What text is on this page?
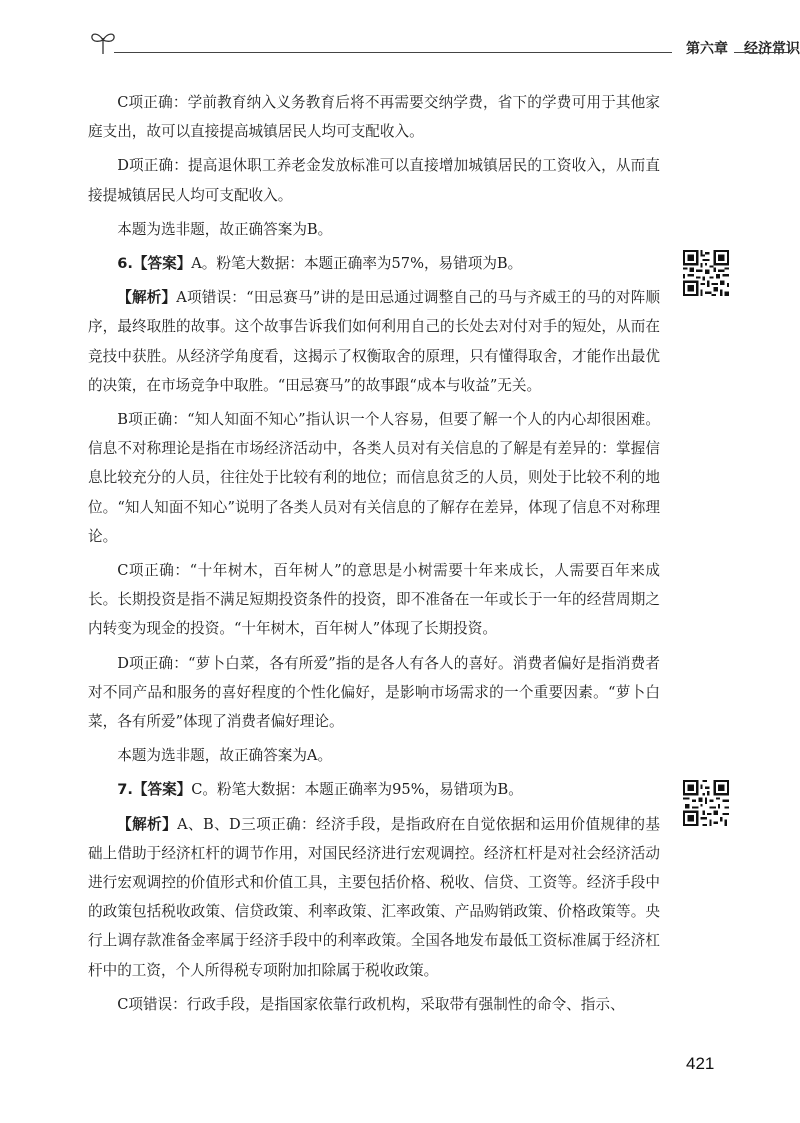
第六章 经济常识

C项正确：学前教育纳入义务教育后将不再需要交纳学费，省下的学费可用于其他家庭支出，故可以直接提高城镇居民人均可支配收入。

D项正确：提高退休职工养老金发放标准可以直接增加城镇居民的工资收入，从而直接提城镇居民人均可支配收入。

本题为选非题，故正确答案为B。

6.【答案】A。粉笔大数据：本题正确率为57%，易错项为B。

【解析】A项错误：“田忌赛马”讲的是田忌通过调整自己的马与齐威王的马的对阵顺序，最终取胜的故事。这个故事告诉我们如何利用自己的长处去对付对手的短处，从而在竞技中获胜。从经济学角度看，这揭示了权衡取舍的原理，只有懂得取舍，才能作出最优的决策，在市场竞争中取胜。“田忌赛马”的故事跟“成本与收益”无关。

B项正确：“知人知面不知心”指认识一个人容易，但要了解一个人的内心却很困难。信息不对称理论是指在市场经济活动中，各类人员对有关信息的了解是有差异的：掌握信息比较充分的人员，往往处于比较有利的地位；而信息贫乏的人员，则处于比较不利的地位。“知人知面不知心”说明了各类人员对有关信息的了解存在差异，体现了信息不对称理论。

C项正确：“十年树木，百年树人”的意思是小树需要十年来成长，人需要百年来成长。长期投资是指不满足短期投资条件的投资，即不准备在一年或长于一年的经营周期之内转变为现金的投资。“十年树木，百年树人”体现了长期投资。

D项正确：“萝卜白菜，各有所爱”指的是各人有各人的喜好。消费者偏好是指消费者对不同产品和服务的喜好程度的个性化偏好，是影响市场需求的一个重要因素。“萝卜白菜，各有所爱”体现了消费者偏好理论。

本题为选非题，故正确答案为A。

7.【答案】C。粉笔大数据：本题正确率为95%，易错项为B。

【解析】A、B、D三项正确：经济手段，是指政府在自觉依据和运用价值规律的基础上借助于经济杠杆的调节作用，对国民经济进行宏观调控。经济杠杆是对社会经济活动进行宏观调控的价值形式和价值工具，主要包括价格、税收、信贷、工资等。经济手段中的政策包括税收政策、信贷政策、利率政策、汇率政策、产品购销政策、价格政策等。央行上调存款准备金率属于经济手段中的利率政策。全国各地发布最低工资标准属于经济杠杆中的工资，个人所得税专项附加扣除属于税收政策。

C项错误：行政手段，是指国家依靠行政机构，采取带有强制性的命令、指示、

421
